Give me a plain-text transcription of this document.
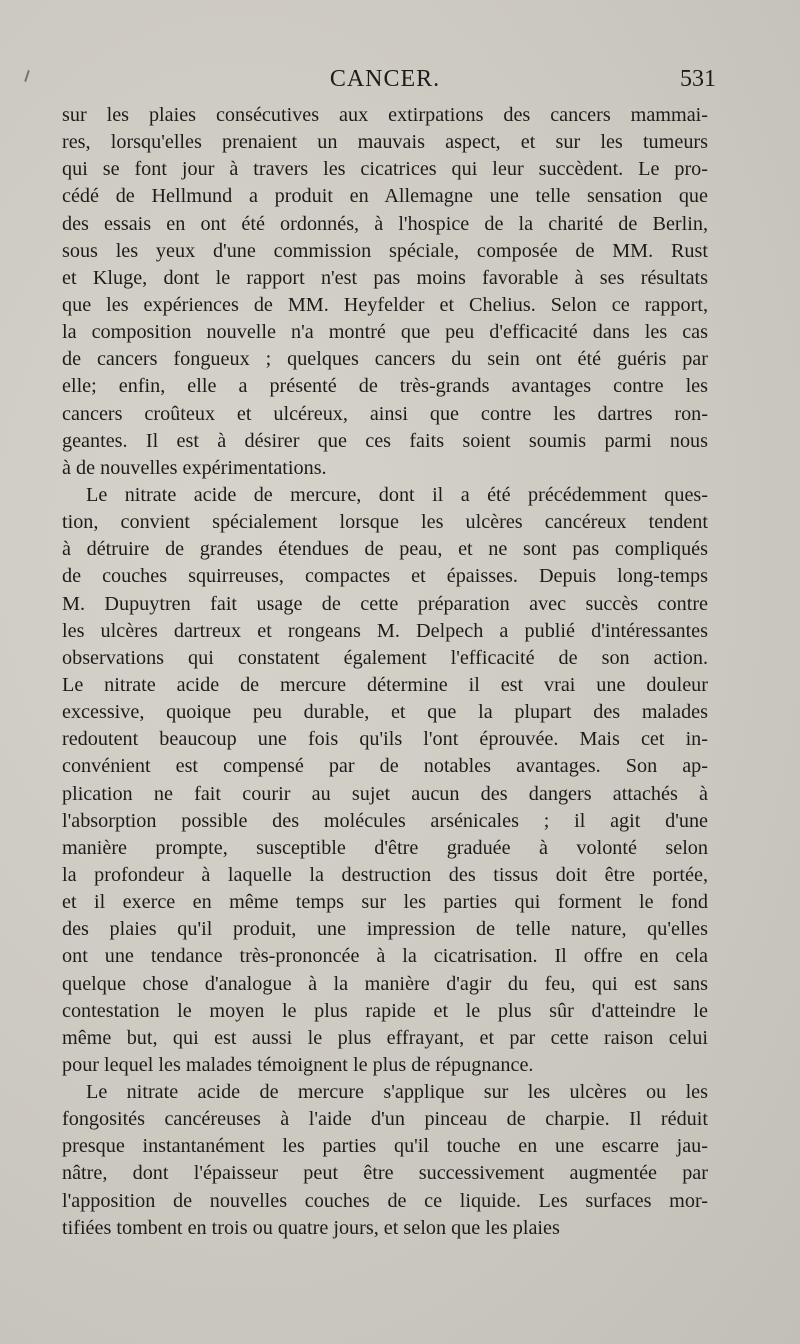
CANCER.	531
sur les plaies consécutives aux extirpations des cancers mammai-
res, lorsqu'elles prenaient un mauvais aspect, et sur les tumeurs
qui se font jour à travers les cicatrices qui leur succèdent. Le pro-
cédé de Hellmund a produit en Allemagne une telle sensation que
des essais en ont été ordonnés, à l'hospice de la charité de Berlin,
sous les yeux d'une commission spéciale, composée de MM. Rust
et Kluge, dont le rapport n'est pas moins favorable à ses résultats
que les expériences de MM. Heyfelder et Chelius. Selon ce rapport,
la composition nouvelle n'a montré que peu d'efficacité dans les cas
de cancers fongueux ; quelques cancers du sein ont été guéris par
elle; enfin, elle a présenté de très-grands avantages contre les
cancers croûteux et ulcéreux, ainsi que contre les dartres ron-
geantes. Il est à désirer que ces faits soient soumis parmi nous
à de nouvelles expérimentations.
Le nitrate acide de mercure, dont il a été précédemment ques-
tion, convient spécialement lorsque les ulcères cancéreux tendent
à détruire de grandes étendues de peau, et ne sont pas compliqués
de couches squirreuses, compactes et épaisses. Depuis long-temps
M. Dupuytren fait usage de cette préparation avec succès contre
les ulcères dartreux et rongeans M. Delpech a publié d'intéressantes
observations qui constatent également l'efficacité de son action.
Le nitrate acide de mercure détermine il est vrai une douleur
excessive, quoique peu durable, et que la plupart des malades
redoutent beaucoup une fois qu'ils l'ont éprouvée. Mais cet in-
convénient est compensé par de notables avantages. Son ap-
plication ne fait courir au sujet aucun des dangers attachés à
l'absorption possible des molécules arsénicales ; il agit d'une
manière prompte, susceptible d'être graduée à volonté selon
la profondeur à laquelle la destruction des tissus doit être portée,
et il exerce en même temps sur les parties qui forment le fond
des plaies qu'il produit, une impression de telle nature, qu'elles
ont une tendance très-prononcée à la cicatrisation. Il offre en cela
quelque chose d'analogue à la manière d'agir du feu, qui est sans
contestation le moyen le plus rapide et le plus sûr d'atteindre le
même but, qui est aussi le plus effrayant, et par cette raison celui
pour lequel les malades témoignent le plus de répugnance.
Le nitrate acide de mercure s'applique sur les ulcères ou les
fongosités cancéreuses à l'aide d'un pinceau de charpie. Il réduit
presque instantanément les parties qu'il touche en une escarre jau-
nâtre, dont l'épaisseur peut être successivement augmentée par
l'apposition de nouvelles couches de ce liquide. Les surfaces mor-
tifiées tombent en trois ou quatre jours, et selon que les plaies
